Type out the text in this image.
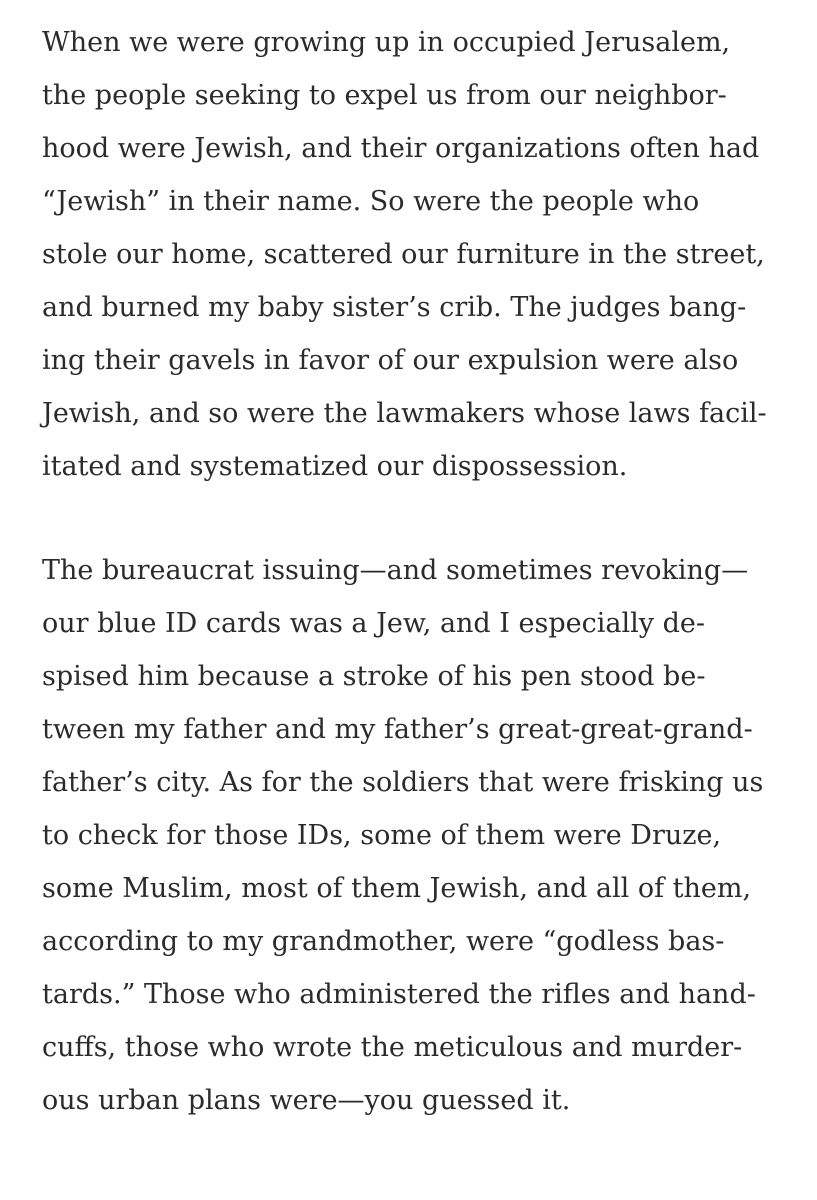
When we were growing up in occupied Jerusalem,
the people seeking to expel us from our neighbor-
hood were Jewish, and their organizations often had
“Jewish” in their name. So were the people who
stole our home, scattered our furniture in the street,
and burned my baby sister’s crib. The judges bang-
ing their gavels in favor of our expulsion were also
Jewish, and so were the lawmakers whose laws facil-
itated and systematized our dispossession.

The bureaucrat issuing—and sometimes revoking—
our blue ID cards was a Jew, and I especially de-
spised him because a stroke of his pen stood be-
tween my father and my father’s great-great-grand-
father’s city. As for the soldiers that were frisking us
to check for those IDs, some of them were Druze,
some Muslim, most of them Jewish, and all of them,
according to my grandmother, were “godless bas-
tards.” Those who administered the rifles and hand-
cuffs, those who wrote the meticulous and murder-
ous urban plans were—you guessed it.
